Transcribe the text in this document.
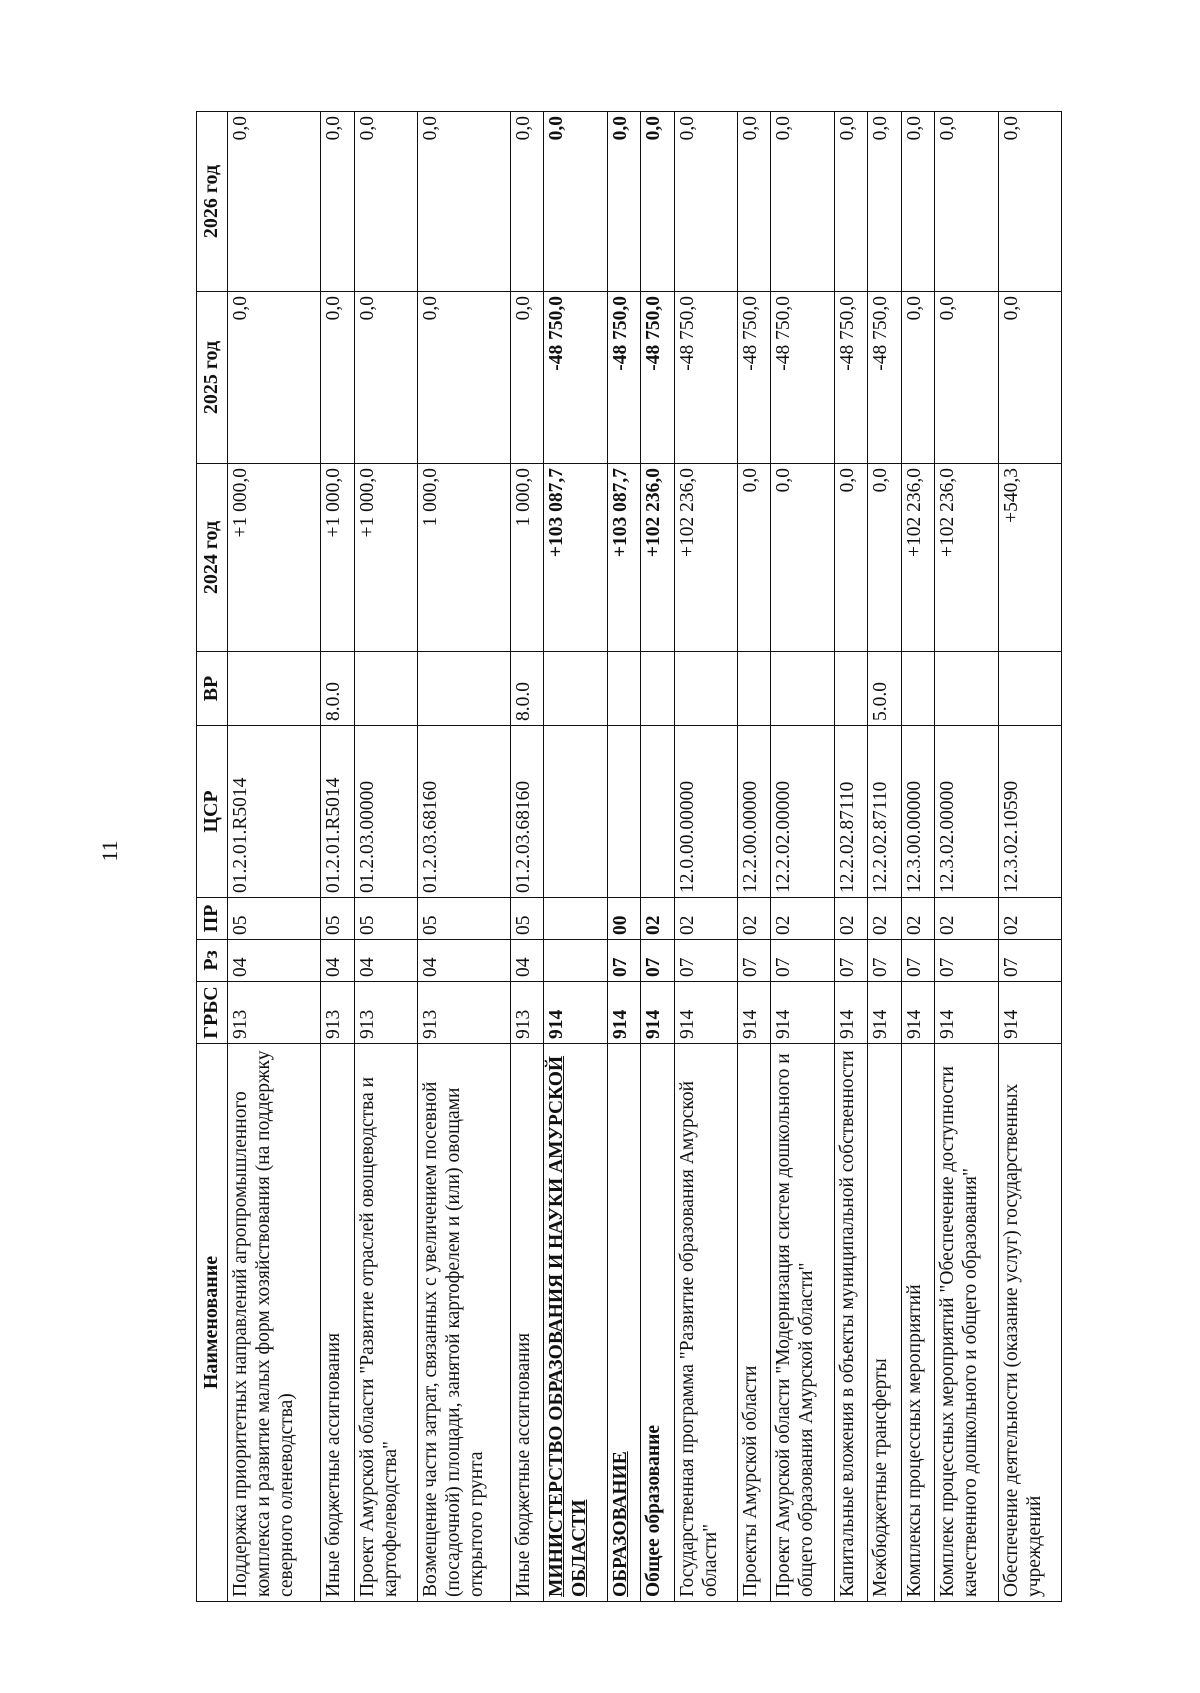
11
Наименование	ГРБС	Рз	ПР	ЦСР	ВР	2024 год	2025 год	2026 год
Поддержка приоритетных направлений агропромышленного комплекса и развитие малых форм хозяйствования (на поддержку северного оленеводства)	913	04	05	01.2.01.R5014		+1 000,0	0,0	0,0
Иные бюджетные ассигнования	913	04	05	01.2.01.R5014	8.0.0	+1 000,0	0,0	0,0
Проект Амурской области "Развитие отраслей овощеводства и картофелеводства"	913	04	05	01.2.03.00000		+1 000,0	0,0	0,0
Возмещение части затрат, связанных с увеличением посевной (посадочной) площади, занятой картофелем и (или) овощами открытого грунта	913	04	05	01.2.03.68160		1 000,0	0,0	0,0
Иные бюджетные ассигнования	913	04	05	01.2.03.68160	8.0.0	1 000,0	0,0	0,0
МИНИСТЕРСТВО ОБРАЗОВАНИЯ И НАУКИ АМУРСКОЙ ОБЛАСТИ	914					+103 087,7	-48 750,0	0,0
ОБРАЗОВАНИЕ	914	07	00			+103 087,7	-48 750,0	0,0
Общее образование	914	07	02			+102 236,0	-48 750,0	0,0
Государственная программа "Развитие образования Амурской области"	914	07	02	12.0.00.00000		+102 236,0	-48 750,0	0,0
Проекты Амурской области	914	07	02	12.2.00.00000		0,0	-48 750,0	0,0
Проект Амурской области "Модернизация систем дошкольного и общего образования Амурской области"	914	07	02	12.2.02.00000		0,0	-48 750,0	0,0
Капитальные вложения в объекты муниципальной собственности	914	07	02	12.2.02.87110		0,0	-48 750,0	0,0
Межбюджетные трансферты	914	07	02	12.2.02.87110	5.0.0	0,0	-48 750,0	0,0
Комплексы процессных мероприятий	914	07	02	12.3.00.00000		+102 236,0	0,0	0,0
Комплекс процессных мероприятий "Обеспечение доступности качественного дошкольного и общего образования"	914	07	02	12.3.02.00000		+102 236,0	0,0	0,0
Обеспечение деятельности (оказание услуг) государственных учреждений	914	07	02	12.3.02.10590		+540,3	0,0	0,0
